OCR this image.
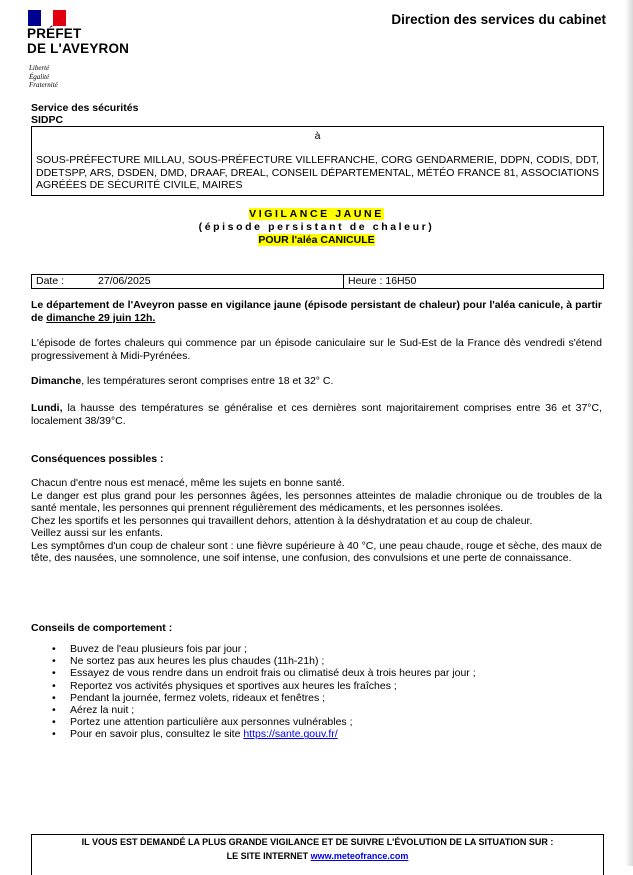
PRÉFET
DE L'AVEYRON
Liberté
Égalité
Fraternité
Direction des services du cabinet
Service des sécurités
SIDPC
à
SOUS-PRÉFECTURE MILLAU, SOUS-PRÉFECTURE VILLEFRANCHE, CORG GENDARMERIE, DDPN, CODIS, DDT, DDETSPP, ARS, DSDEN, DMD, DRAAF, DREAL, CONSEIL DÉPARTEMENTAL, MÉTÉO FRANCE 81, ASSOCIATIONS AGRÉÉES DE SÉCURITÉ CIVILE, MAIRES
VIGILANCE JAUNE
(épisode persistant de chaleur)
POUR l'aléa CANICULE
Date :	27/06/2025	Heure : 16H50
Le département de l'Aveyron passe en vigilance jaune (épisode persistant de chaleur) pour l'aléa canicule, à partir de dimanche 29 juin 12h.
L'épisode de fortes chaleurs qui commence par un épisode caniculaire sur le Sud-Est de la France dès vendredi s'étend progressivement à Midi-Pyrénées.
Dimanche, les températures seront comprises entre 18 et 32° C.
Lundi, la hausse des températures se généralise et ces dernières sont majoritairement comprises entre 36 et 37°C, localement 38/39°C.
Conséquences possibles :
Chacun d'entre nous est menacé, même les sujets en bonne santé.
Le danger est plus grand pour les personnes âgées, les personnes atteintes de maladie chronique ou de troubles de la santé mentale, les personnes qui prennent régulièrement des médicaments, et les personnes isolées.
Chez les sportifs et les personnes qui travaillent dehors, attention à la déshydratation et au coup de chaleur.
Veillez aussi sur les enfants.
Les symptômes d'un coup de chaleur sont : une fièvre supérieure à 40 °C, une peau chaude, rouge et sèche, des maux de tête, des nausées, une somnolence, une soif intense, une confusion, des convulsions et une perte de connaissance.
Conseils de comportement :
• Buvez de l'eau plusieurs fois par jour ;
• Ne sortez pas aux heures les plus chaudes (11h-21h) ;
• Essayez de vous rendre dans un endroit frais ou climatisé deux à trois heures par jour ;
• Reportez vos activités physiques et sportives aux heures les fraîches ;
• Pendant la journée, fermez volets, rideaux et fenêtres ;
• Aérez la nuit ;
• Portez une attention particulière aux personnes vulnérables ;
• Pour en savoir plus, consultez le site https://sante.gouv.fr/
IL VOUS EST DEMANDÉ LA PLUS GRANDE VIGILANCE ET DE SUIVRE L'ÉVOLUTION DE LA SITUATION SUR :
LE SITE INTERNET www.meteofrance.com
